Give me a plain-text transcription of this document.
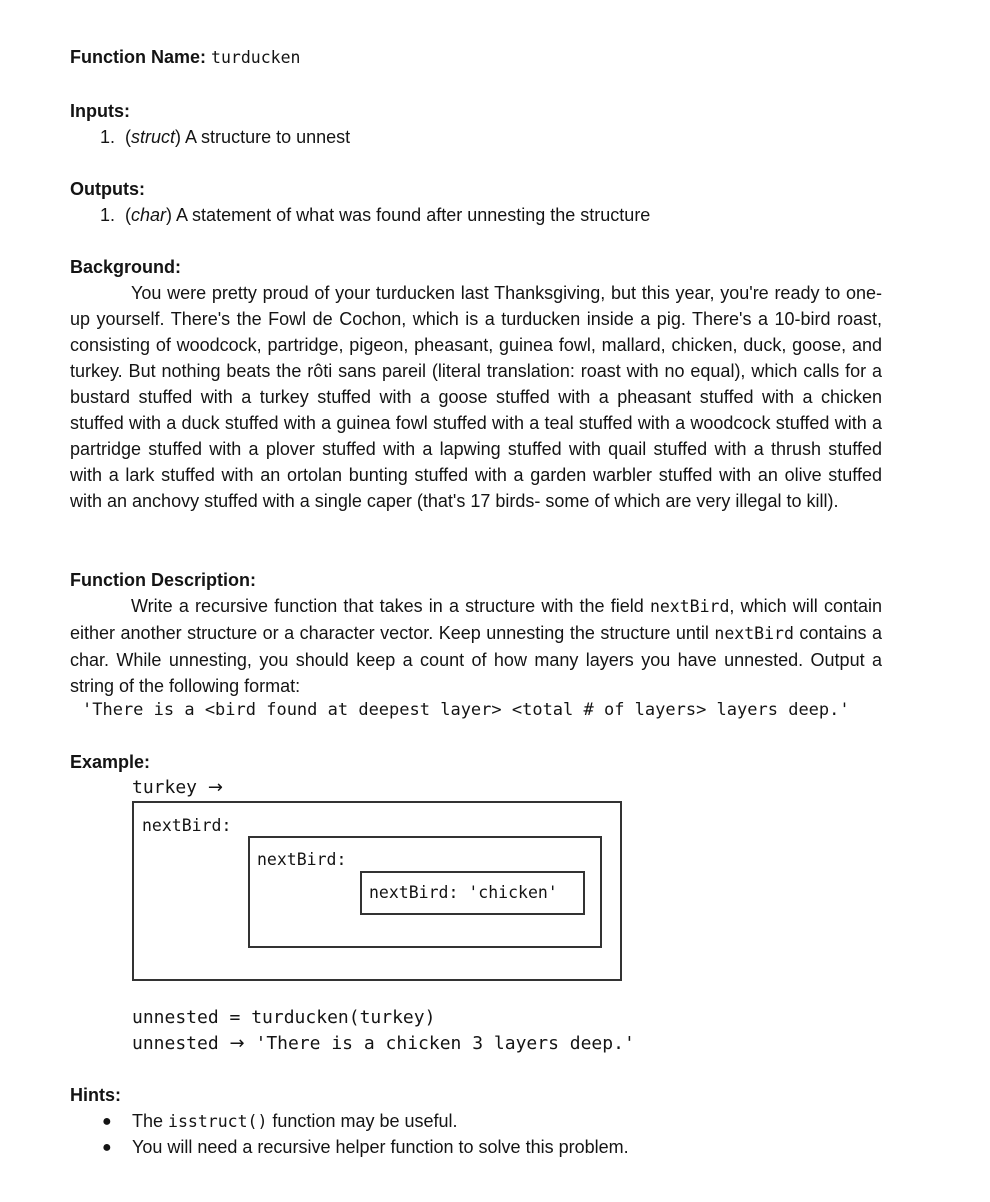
Function Name: turducken
Inputs:
1.  (struct) A structure to unnest
Outputs:
1.  (char) A statement of what was found after unnesting the structure
Background:
You were pretty proud of your turducken last Thanksgiving, but this year, you're ready to one-up yourself. There's the Fowl de Cochon, which is a turducken inside a pig. There's a 10-bird roast, consisting of woodcock, partridge, pigeon, pheasant, guinea fowl, mallard, chicken, duck, goose, and turkey. But nothing beats the rôti sans pareil (literal translation: roast with no equal), which calls for a bustard stuffed with a turkey stuffed with a goose stuffed with a pheasant stuffed with a chicken stuffed with a duck stuffed with a guinea fowl stuffed with a teal stuffed with a woodcock stuffed with a partridge stuffed with a plover stuffed with a lapwing stuffed with quail stuffed with a thrush stuffed with a lark stuffed with an ortolan bunting stuffed with a garden warbler stuffed with an olive stuffed with an anchovy stuffed with a single caper (that's 17 birds- some of which are very illegal to kill).
Function Description:
Write a recursive function that takes in a structure with the field nextBird, which will contain either another structure or a character vector. Keep unnesting the structure until nextBird contains a char. While unnesting, you should keep a count of how many layers you have unnested. Output a string of the following format:
'There is a <bird found at deepest layer> <total # of layers> layers deep.'
Example:
turkey →
nextBird:
nextBird:
nextBird: 'chicken'
unnested = turducken(turkey)
unnested → 'There is a chicken 3 layers deep.'
Hints:
● The isstruct() function may be useful.
● You will need a recursive helper function to solve this problem.
